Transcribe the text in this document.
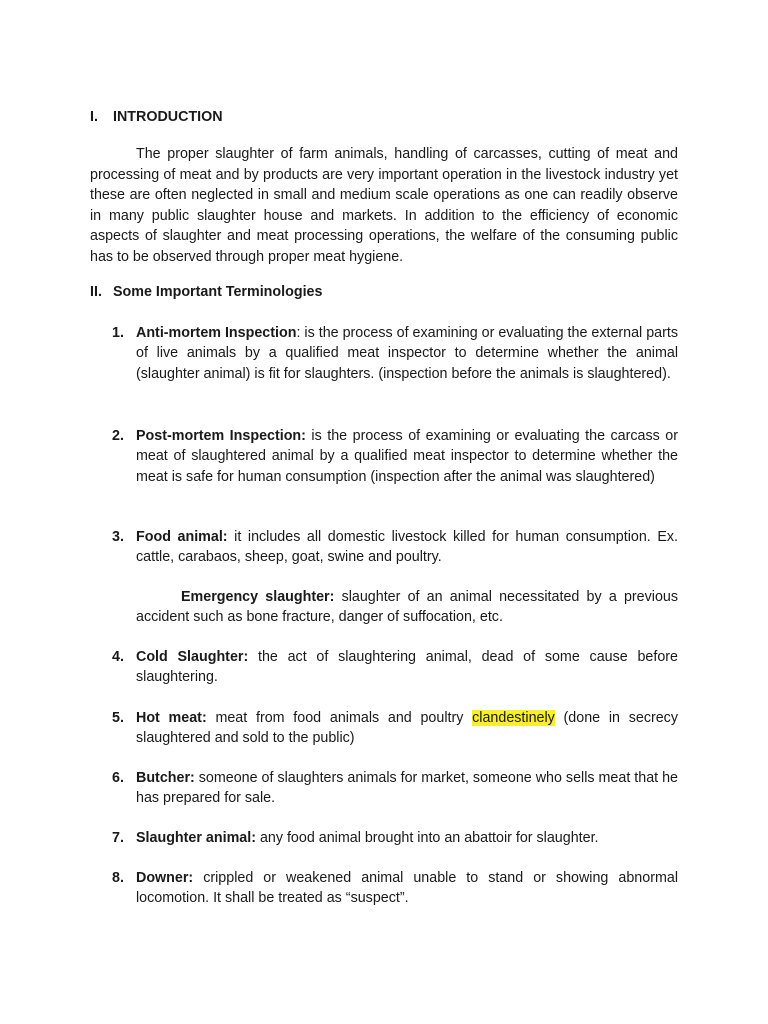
I. INTRODUCTION

The proper slaughter of farm animals, handling of carcasses, cutting of meat and processing of meat and by products are very important operation in the livestock industry yet these are often neglected in small and medium scale operations as one can readily observe in many public slaughter house and markets. In addition to the efficiency of economic aspects of slaughter and meat processing operations, the welfare of the consuming public has to be observed through proper meat hygiene.

II. Some Important Terminologies
1. Anti-mortem Inspection: is the process of examining or evaluating the external parts of live animals by a qualified meat inspector to determine whether the animal (slaughter animal) is fit for slaughters. (inspection before the animals is slaughtered).
2. Post-mortem Inspection: is the process of examining or evaluating the carcass or meat of slaughtered animal by a qualified meat inspector to determine whether the meat is safe for human consumption (inspection after the animal was slaughtered)
3. Food animal: it includes all domestic livestock killed for human consumption. Ex. cattle, carabaos, sheep, goat, swine and poultry.
4. Cold Slaughter: the act of slaughtering animal, dead of some cause before slaughtering.
5. Hot meat: meat from food animals and poultry clandestinely (done in secrecy slaughtered and sold to the public)
6. Butcher: someone of slaughters animals for market, someone who sells meat that he has prepared for sale.
7. Slaughter animal: any food animal brought into an abattoir for slaughter.
8. Downer: crippled or weakened animal unable to stand or showing abnormal locomotion. It shall be treated as “suspect”.

Emergency slaughter: slaughter of an animal necessitated by a previous accident such as bone fracture, danger of suffocation, etc.
